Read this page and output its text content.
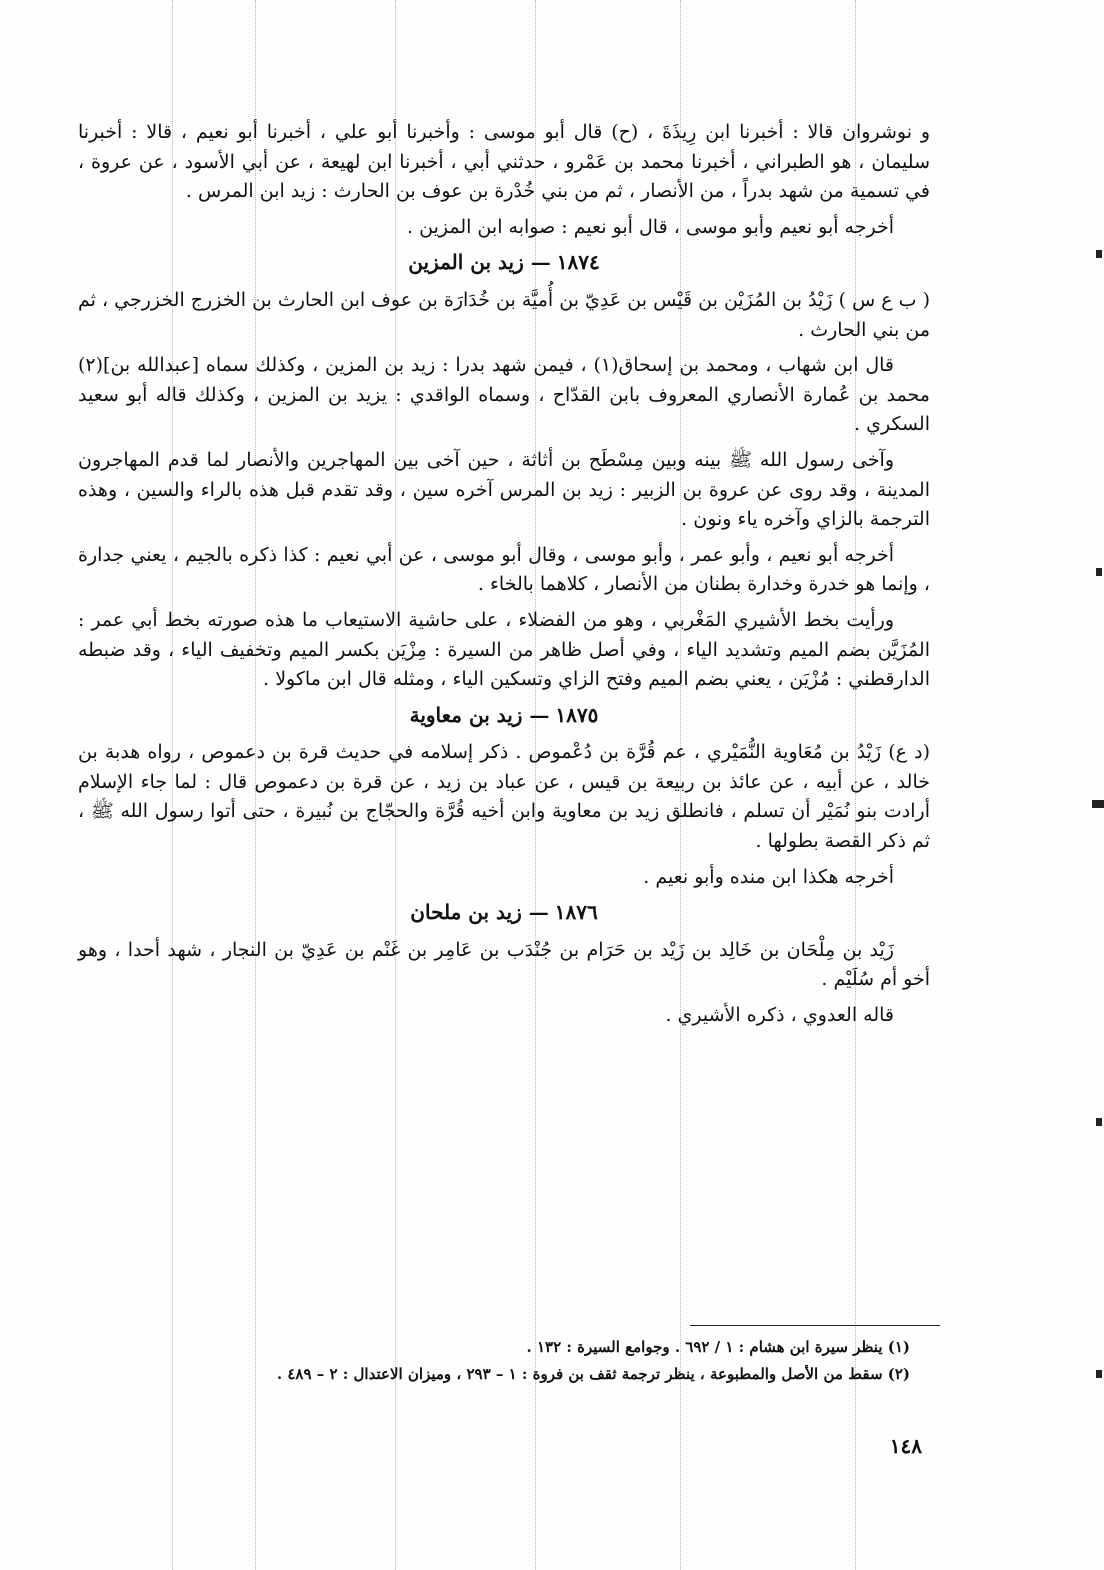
و نوشروان قالا : أخبرنا ابن رِيذَةَ ، (ح) قال أبو موسى : وأخبرنا أبو علي ، أخبرنا أبو نعيم ، قالا : أخبرنا سليمان ، هو الطبراني ، أخبرنا محمد بن عَمْرو ، حدثني أبي ، أخبرنا ابن لهيعة ، عن أبي الأسود ، عن عروة ، في تسمية من شهد بدراً ، من الأنصار ، ثم من بني خُدْرة بن عوف بن الحارث : زيد ابن المرس .

أخرجه أبو نعيم وأبو موسى ، قال أبو نعيم : صوابه ابن المزين .

١٨٧٤— زيد بن المزين

( ب ع س ) زَيْدُ بن المُزَيْن بن قَيْس بن عَدِيّ بن أُميَّة بن خُدَارَة بن عوف ابن الحارث بن الخزرج الخزرجي ، ثم من بني الحارث .

قال ابن شهاب ، ومحمد بن إسحاق(١) ، فيمن شهد بدرا : زيد بن المزين ، وكذلك سماه [عبدالله بن](٢) محمد بن عُمارة الأنصاري المعروف بابن القدّاح ، وسماه الواقدي : يزيد بن المزين ، وكذلك قاله أبو سعيد السكري .

وآخى رسول الله ﷺ بينه وبين مِسْطَح بن أثاثة ، حين آخى بين المهاجرين والأنصار لما قدم المهاجرون المدينة ، وقد روى عن عروة بن الزبير : زيد بن المرس آخره سين ، وقد تقدم قبل هذه بالراء والسين ، وهذه الترجمة بالزاي وآخره ياء ونون .

أخرجه أبو نعيم ، وأبو عمر ، وأبو موسى ، وقال أبو موسى ، عن أبي نعيم : كذا ذكره بالجيم ، يعني جدارة ، وإنما هو خدرة وخدارة بطنان من الأنصار ، كلاهما بالخاء .

ورأيت بخط الأشيري المَغْربي ، وهو من الفضلاء ، على حاشية الاستيعاب ما هذه صورته بخط أبي عمر : المُزَيَّن بضم الميم وتشديد الياء ، وفي أصل ظاهر من السيرة : مِزْيَن بكسر الميم وتخفيف الياء ، وقد ضبطه الدارقطني : مُزْيَن ، يعني بضم الميم وفتح الزاي وتسكين الياء ، ومثله قال ابن ماكولا .

١٨٧٥— زيد بن معاوية

(د ع) زَيْدُ بن مُعَاوية النُّمَيْري ، عم قُرَّة بن دُعْموص . ذكر إسلامه في حديث قرة بن دعموص ، رواه هدبة بن خالد ، عن أبيه ، عن عائذ بن ربيعة بن قيس ، عن عباد بن زيد ، عن قرة بن دعموص قال : لما جاء الإسلام أرادت بنو نُمَيْر أن تسلم ، فانطلق زيد بن معاوية وابن أخيه قُرَّة والحجّاج بن نُبيرة ، حتى أتوا رسول الله ﷺ ، ثم ذكر القصة بطولها .

أخرجه هكذا ابن منده وأبو نعيم .

١٨٧٦— زيد بن ملحان

زَيْد بن مِلْحَان بن خَالِد بن زَيْد بن حَرَام بن جُنْدَب بن عَامِر بن غَنْم بن عَدِيّ بن النجار ، شهد أحدا ، وهو أخو أم سُلَيْم .

قاله العدوي ، ذكره الأشيري .

(١) ينظر سيرة ابن هشام : ١ / ٦٩٢ . وجوامع السيرة : ١٣٢ .

(٢) سقط من الأصل والمطبوعة ، ينظر ترجمة ثقف بن فروة : ١ – ٢٩٣ ، وميزان الاعتدال : ٢ – ٤٨٩ .

١٤٨
